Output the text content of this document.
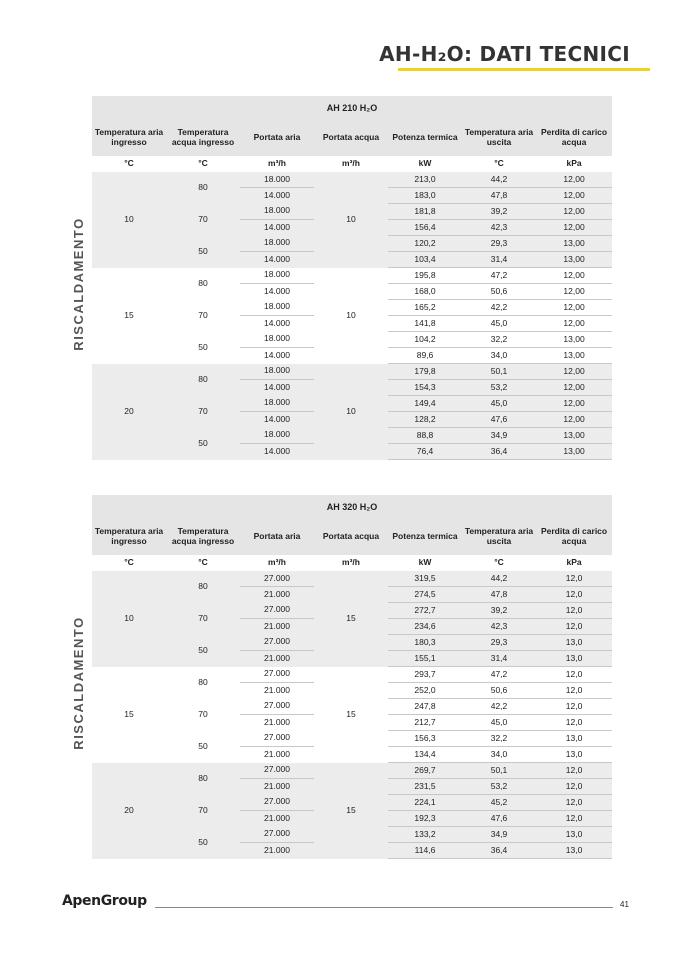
AH-H₂O: DATI TECNICI
RISCALDAMENTO
RISCALDAMENTO
AH 210 H₂O						
Temperatura aria ingresso	Temperatura acqua ingresso	Portata aria	Portata acqua	Potenza termica	Temperatura aria uscita	Perdita di carico acqua
°C	°C	m³/h	m³/h	kW	°C	kPa
10	80	18.000	10	213,0	44,2	12,00
		14.000		183,0	47,8	12,00
	70	18.000		181,8	39,2	12,00
		14.000		156,4	42,3	12,00
	50	18.000		120,2	29,3	13,00
		14.000		103,4	31,4	13,00
15	80	18.000	10	195,8	47,2	12,00
		14.000		168,0	50,6	12,00
	70	18.000		165,2	42,2	12,00
		14.000		141,8	45,0	12,00
	50	18.000		104,2	32,2	13,00
		14.000		89,6	34,0	13,00
20	80	18.000	10	179,8	50,1	12,00
		14.000		154,3	53,2	12,00
	70	18.000		149,4	45,0	12,00
		14.000		128,2	47,6	12,00
	50	18.000		88,8	34,9	13,00
		14.000		76,4	36,4	13,00
AH 320 H₂O						
Temperatura aria ingresso	Temperatura acqua ingresso	Portata aria	Portata acqua	Potenza termica	Temperatura aria uscita	Perdita di carico acqua
°C	°C	m³/h	m³/h	kW	°C	kPa
10	80	27.000	15	319,5	44,2	12,0
		21.000		274,5	47,8	12,0
	70	27.000		272,7	39,2	12,0
		21.000		234,6	42,3	12,0
	50	27.000		180,3	29,3	13,0
		21.000		155,1	31,4	13,0
15	80	27.000	15	293,7	47,2	12,0
		21.000		252,0	50,6	12,0
	70	27.000		247,8	42,2	12,0
		21.000		212,7	45,0	12,0
	50	27.000		156,3	32,2	13,0
		21.000		134,4	34,0	13,0
20	80	27.000	15	269,7	50,1	12,0
		21.000		231,5	53,2	12,0
	70	27.000		224,1	45,2	12,0
		21.000		192,3	47,6	12,0
	50	27.000		133,2	34,9	13,0
		21.000		114,6	36,4	13,0
ApenGroup	41
